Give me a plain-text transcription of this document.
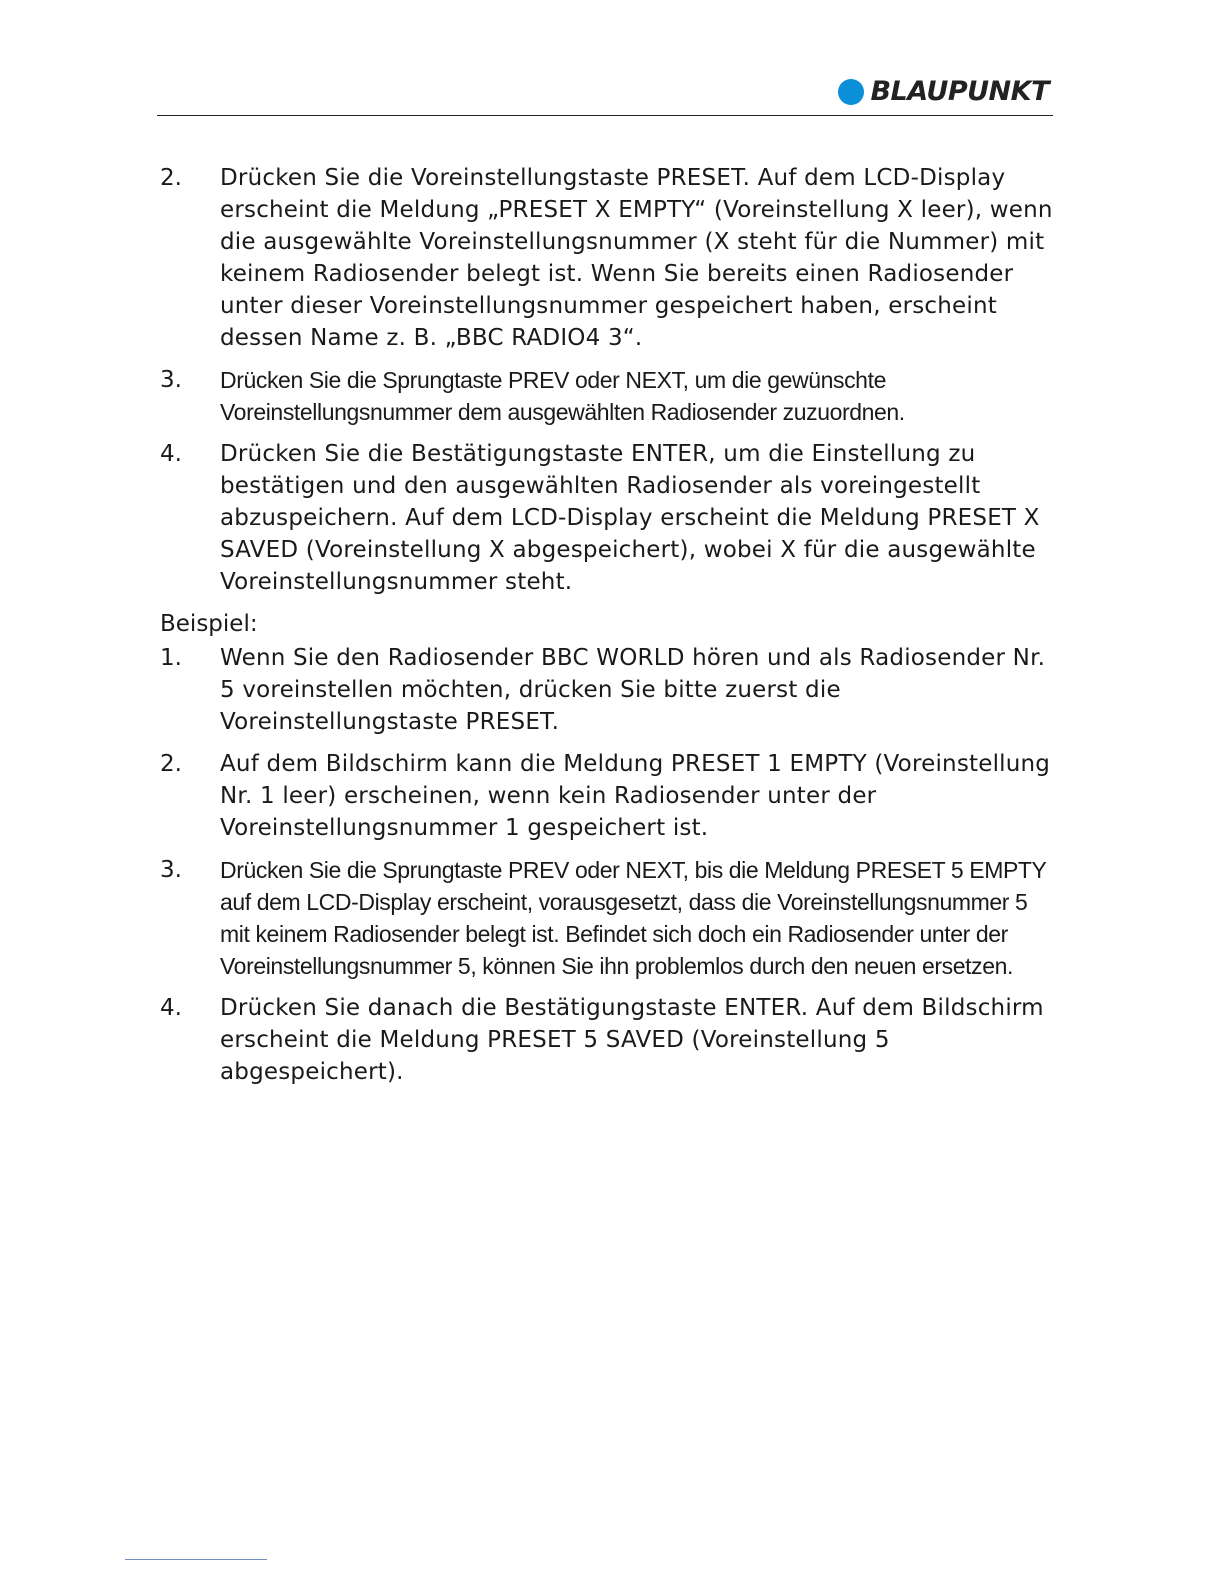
BLAUPUNKT
2.	Drücken Sie die Voreinstellungstaste PRESET. Auf dem LCD-Display erscheint die Meldung „PRESET X EMPTY“ (Voreinstellung X leer), wenn die ausgewählte Voreinstellungsnummer (X steht für die Nummer) mit keinem Radiosender belegt ist. Wenn Sie bereits einen Radiosender unter dieser Voreinstellungsnummer gespeichert haben, erscheint dessen Name z. B. „BBC RADIO4 3“.
3.	Drücken Sie die Sprungtaste PREV oder NEXT, um die gewünschte Voreinstellungsnummer dem ausgewählten Radiosender zuzuordnen.
4.	Drücken Sie die Bestätigungstaste ENTER, um die Einstellung zu bestätigen und den ausgewählten Radiosender als voreingestellt abzuspeichern. Auf dem LCD-Display erscheint die Meldung PRESET X SAVED (Voreinstellung X abgespeichert), wobei X für die ausgewählte Voreinstellungsnummer steht.
Beispiel:
1.	Wenn Sie den Radiosender BBC WORLD hören und als Radiosender Nr. 5 voreinstellen möchten, drücken Sie bitte zuerst die Voreinstellungstaste PRESET.
2.	Auf dem Bildschirm kann die Meldung PRESET 1 EMPTY (Voreinstellung Nr. 1 leer) erscheinen, wenn kein Radiosender unter der Voreinstellungsnummer 1 gespeichert ist.
3.	Drücken Sie die Sprungtaste PREV oder NEXT, bis die Meldung PRESET 5 EMPTY auf dem LCD-Display erscheint, vorausgesetzt, dass die Voreinstellungsnummer 5 mit keinem Radiosender belegt ist. Befindet sich doch ein Radiosender unter der Voreinstellungsnummer 5, können Sie ihn problemlos durch den neuen ersetzen.
4.	Drücken Sie danach die Bestätigungstaste ENTER. Auf dem Bildschirm erscheint die Meldung PRESET 5 SAVED (Voreinstellung 5 abgespeichert).
